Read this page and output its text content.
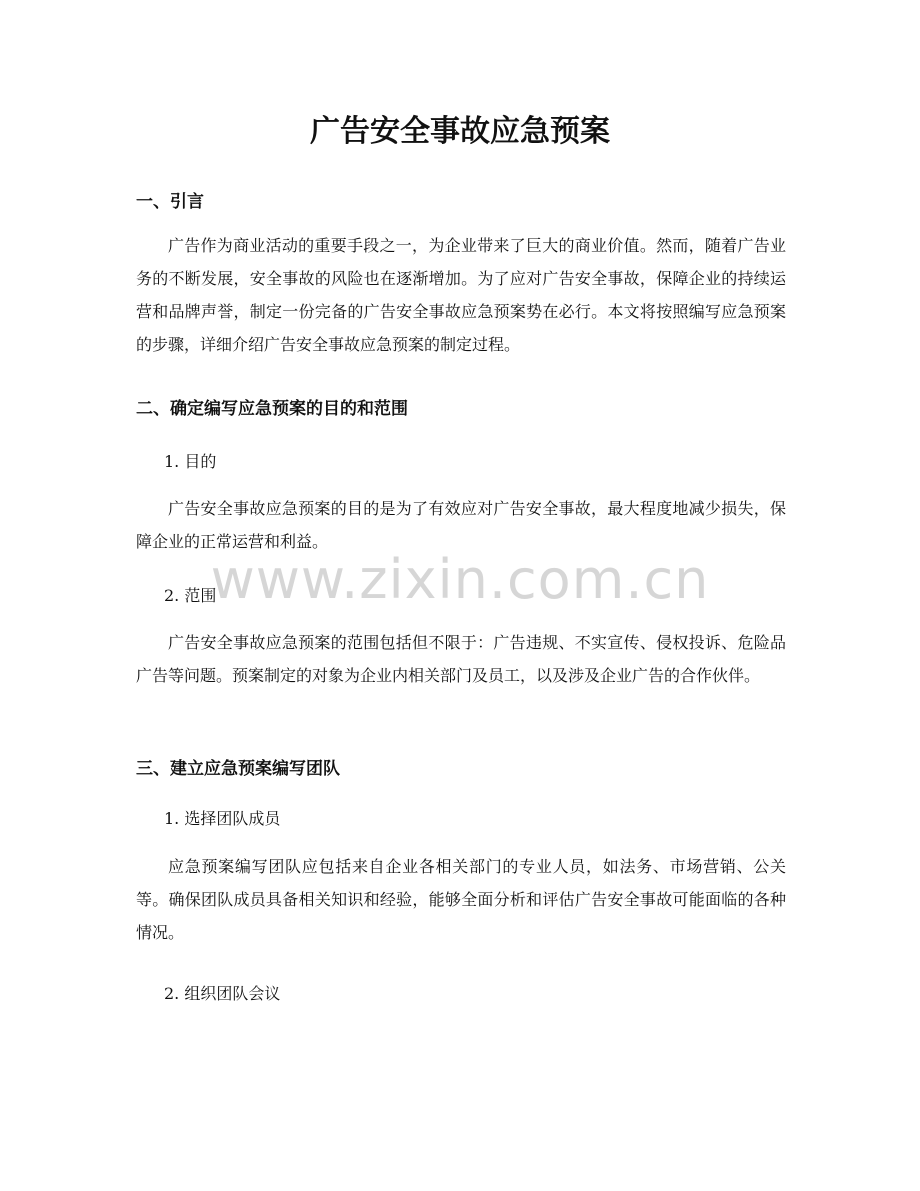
www.zixin.com.cn
广告安全事故应急预案
一、引言
广告作为商业活动的重要手段之一，为企业带来了巨大的商业价值。然而，随着广告业务的不断发展，安全事故的风险也在逐渐增加。为了应对广告安全事故，保障企业的持续运营和品牌声誉，制定一份完备的广告安全事故应急预案势在必行。本文将按照编写应急预案的步骤，详细介绍广告安全事故应急预案的制定过程。
二、确定编写应急预案的目的和范围
1. 目的
广告安全事故应急预案的目的是为了有效应对广告安全事故，最大程度地减少损失，保障企业的正常运营和利益。
2. 范围
广告安全事故应急预案的范围包括但不限于：广告违规、不实宣传、侵权投诉、危险品广告等问题。预案制定的对象为企业内相关部门及员工，以及涉及企业广告的合作伙伴。
三、建立应急预案编写团队
1. 选择团队成员
应急预案编写团队应包括来自企业各相关部门的专业人员，如法务、市场营销、公关等。确保团队成员具备相关知识和经验，能够全面分析和评估广告安全事故可能面临的各种情况。
2. 组织团队会议
